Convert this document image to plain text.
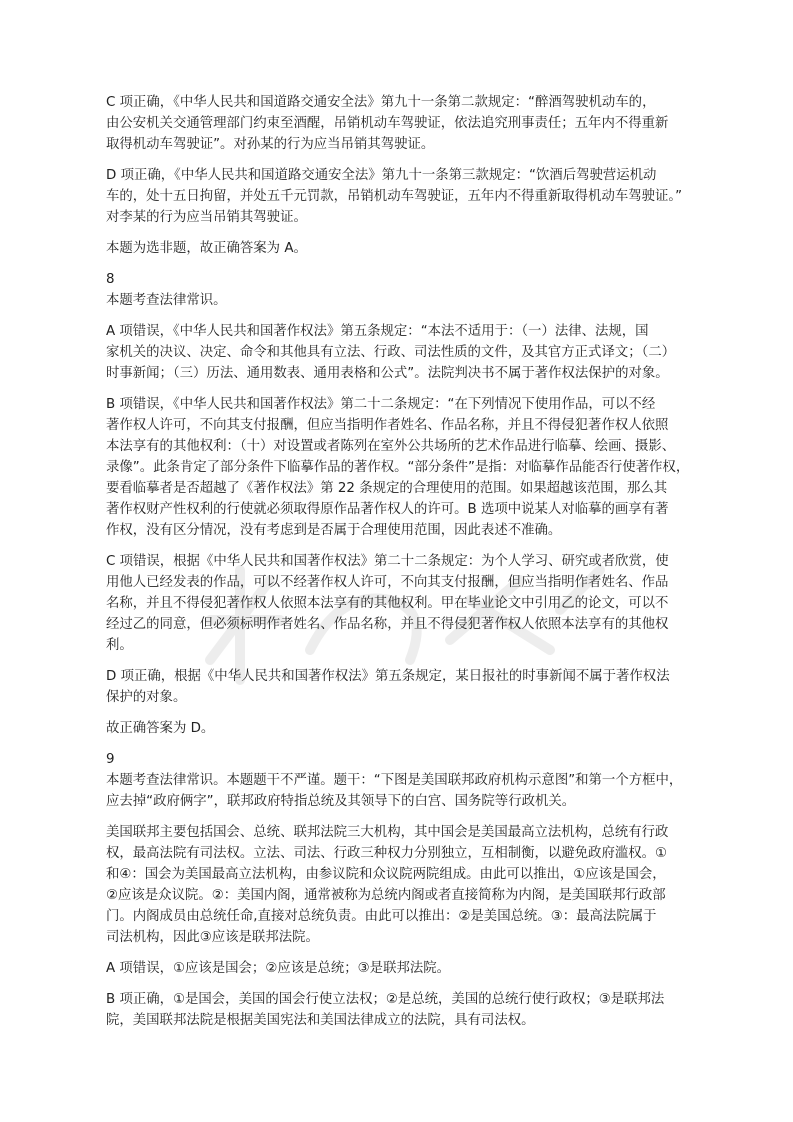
C 项正确，《中华人民共和国道路交通安全法》第九十一条第二款规定：“醉酒驾驶机动车的，
由公安机关交通管理部门约束至酒醒，吊销机动车驾驶证，依法追究刑事责任；五年内不得重新
取得机动车驾驶证”。对孙某的行为应当吊销其驾驶证。

D 项正确，《中华人民共和国道路交通安全法》第九十一条第三款规定：“饮酒后驾驶营运机动
车的，处十五日拘留，并处五千元罚款，吊销机动车驾驶证，五年内不得重新取得机动车驾驶证。”
对李某的行为应当吊销其驾驶证。

本题为选非题，故正确答案为 A。

8
本题考查法律常识。

A 项错误，《中华人民共和国著作权法》第五条规定：“本法不适用于：（一）法律、法规，国
家机关的决议、决定、命令和其他具有立法、行政、司法性质的文件，及其官方正式译文；（二）
时事新闻；（三）历法、通用数表、通用表格和公式”。法院判决书不属于著作权法保护的对象。

B 项错误，《中华人民共和国著作权法》第二十二条规定：“在下列情况下使用作品，可以不经
著作权人许可，不向其支付报酬，但应当指明作者姓名、作品名称，并且不得侵犯著作权人依照
本法享有的其他权利：（十）对设置或者陈列在室外公共场所的艺术作品进行临摹、绘画、摄影、
录像”。此条肯定了部分条件下临摹作品的著作权。“部分条件”是指：对临摹作品能否行使著作权，
要看临摹者是否超越了《著作权法》第 22 条规定的合理使用的范围。如果超越该范围，那么其
著作权财产性权利的行使就必须取得原作品著作权人的许可。B 选项中说某人对临摹的画享有著
作权，没有区分情况，没有考虑到是否属于合理使用范围，因此表述不准确。

C 项错误，根据《中华人民共和国著作权法》第二十二条规定：为个人学习、研究或者欣赏，使
用他人已经发表的作品，可以不经著作权人许可，不向其支付报酬，但应当指明作者姓名、作品
名称，并且不得侵犯著作权人依照本法享有的其他权利。甲在毕业论文中引用乙的论文，可以不
经过乙的同意，但必须标明作者姓名、作品名称，并且不得侵犯著作权人依照本法享有的其他权
利。

D 项正确，根据《中华人民共和国著作权法》第五条规定，某日报社的时事新闻不属于著作权法
保护的对象。

故正确答案为 D。

9
本题考查法律常识。本题题干不严谨。题干：“下图是美国联邦政府机构示意图”和第一个方框中，
应去掉“政府俩字”，联邦政府特指总统及其领导下的白宫、国务院等行政机关。

美国联邦主要包括国会、总统、联邦法院三大机构，其中国会是美国最高立法机构，总统有行政
权，最高法院有司法权。立法、司法、行政三种权力分别独立，互相制衡，以避免政府滥权。①
和④：国会为美国最高立法机构，由参议院和众议院两院组成。由此可以推出，①应该是国会，
②应该是众议院。②：美国内阁，通常被称为总统内阁或者直接简称为内阁，是美国联邦行政部
门。内阁成员由总统任命,直接对总统负责。由此可以推出：②是美国总统。③：最高法院属于
司法机构，因此③应该是联邦法院。

A 项错误，①应该是国会；②应该是总统；③是联邦法院。

B 项正确，①是国会，美国的国会行使立法权；②是总统，美国的总统行使行政权；③是联邦法
院，美国联邦法院是根据美国宪法和美国法律成立的法院，具有司法权。
